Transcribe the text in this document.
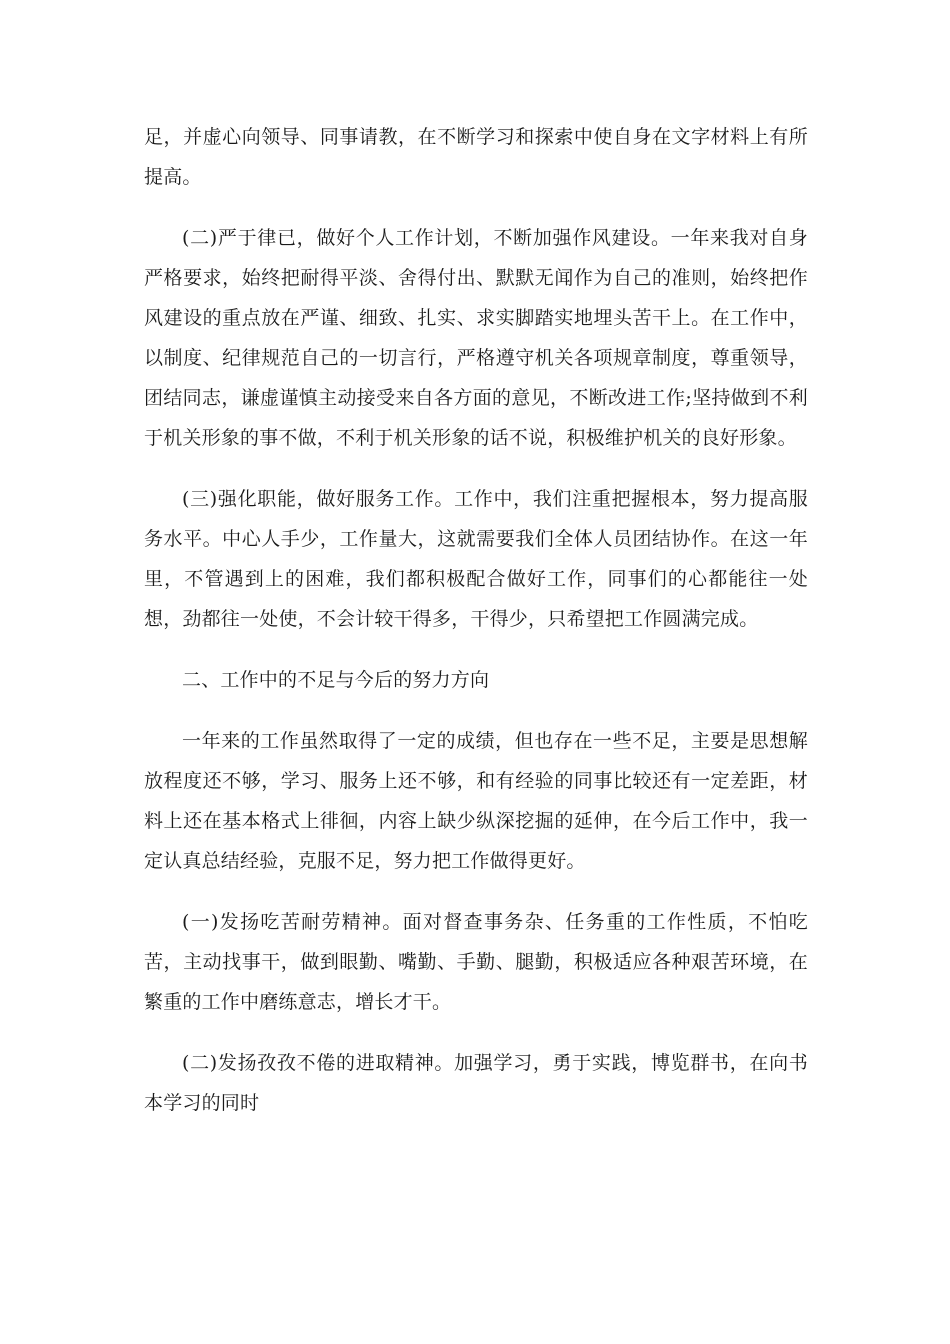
足，并虚心向领导、同事请教，在不断学习和探索中使自身在文字材料上有所提高。

(二)严于律已，做好个人工作计划，不断加强作风建设。一年来我对自身严格要求，始终把耐得平淡、舍得付出、默默无闻作为自己的准则，始终把作风建设的重点放在严谨、细致、扎实、求实脚踏实地埋头苦干上。在工作中，以制度、纪律规范自己的一切言行，严格遵守机关各项规章制度，尊重领导，团结同志，谦虚谨慎主动接受来自各方面的意见，不断改进工作;坚持做到不利于机关形象的事不做，不利于机关形象的话不说，积极维护机关的良好形象。

(三)强化职能，做好服务工作。工作中，我们注重把握根本，努力提高服务水平。中心人手少，工作量大，这就需要我们全体人员团结协作。在这一年里，不管遇到上的困难，我们都积极配合做好工作，同事们的心都能往一处想，劲都往一处使，不会计较干得多，干得少，只希望把工作圆满完成。

二、工作中的不足与今后的努力方向

一年来的工作虽然取得了一定的成绩，但也存在一些不足，主要是思想解放程度还不够，学习、服务上还不够，和有经验的同事比较还有一定差距，材料上还在基本格式上徘徊，内容上缺少纵深挖掘的延伸，在今后工作中，我一定认真总结经验，克服不足，努力把工作做得更好。

(一)发扬吃苦耐劳精神。面对督查事务杂、任务重的工作性质，不怕吃苦，主动找事干，做到眼勤、嘴勤、手勤、腿勤，积极适应各种艰苦环境，在繁重的工作中磨练意志，增长才干。

(二)发扬孜孜不倦的进取精神。加强学习，勇于实践，博览群书，在向书本学习的同时
